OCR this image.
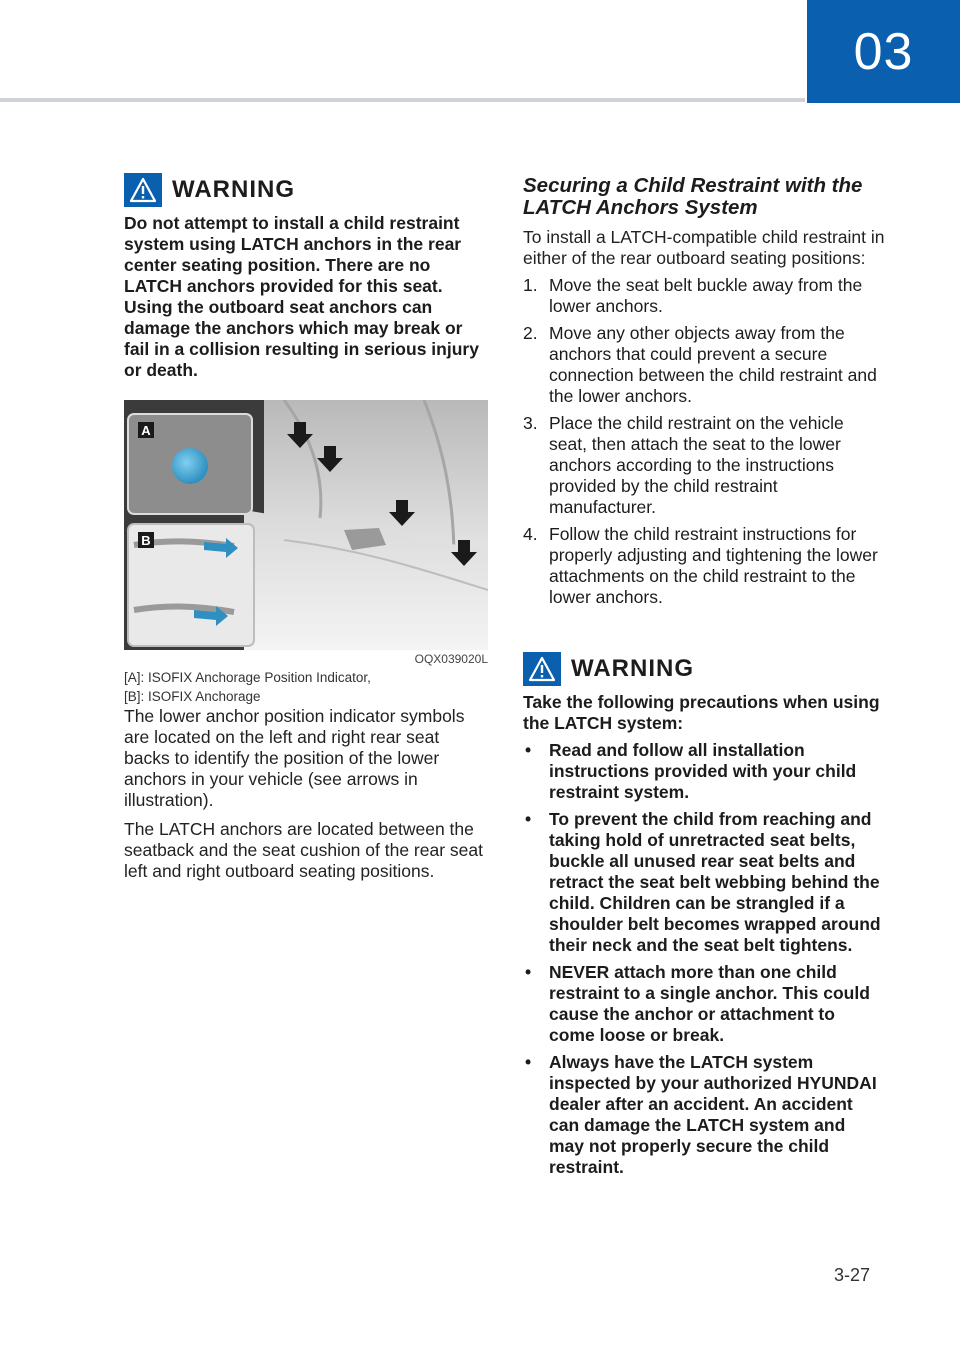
03
WARNING

Do not attempt to install a child restraint system using LATCH anchors in the rear center seating position. There are no LATCH anchors provided for this seat. Using the outboard seat anchors can damage the anchors which may break or fail in a collision resulting in serious injury or death.

A
B
OQX039020L

[A]: ISOFIX Anchorage Position Indicator,

[B]: ISOFIX Anchorage

The lower anchor position indicator symbols are located on the left and right rear seat backs to identify the position of the lower anchors in your vehicle (see arrows in illustration).

The LATCH anchors are located between the seatback and the seat cushion of the rear seat left and right outboard seating positions.

Securing a Child Restraint with the LATCH Anchors System

To install a LATCH-compatible child restraint in either of the rear outboard seating positions:

1. Move the seat belt buckle away from the lower anchors.
2. Move any other objects away from the anchors that could prevent a secure connection between the child restraint and the lower anchors.
3. Place the child restraint on the vehicle seat, then attach the seat to the lower anchors according to the instructions provided by the child restraint manufacturer.
4. Follow the child restraint instructions for properly adjusting and tightening the lower attachments on the child restraint to the lower anchors.
WARNING

Take the following precautions when using the LATCH system:

• Read and follow all installation instructions provided with your child restraint system.
• To prevent the child from reaching and taking hold of unretracted seat belts, buckle all unused rear seat belts and retract the seat belt webbing behind the child. Children can be strangled if a shoulder belt becomes wrapped around their neck and the seat belt tightens.
• NEVER attach more than one child restraint to a single anchor. This could cause the anchor or attachment to come loose or break.
• Always have the LATCH system inspected by your authorized HYUNDAI dealer after an accident. An accident can damage the LATCH system and may not properly secure the child restraint.
3-27
